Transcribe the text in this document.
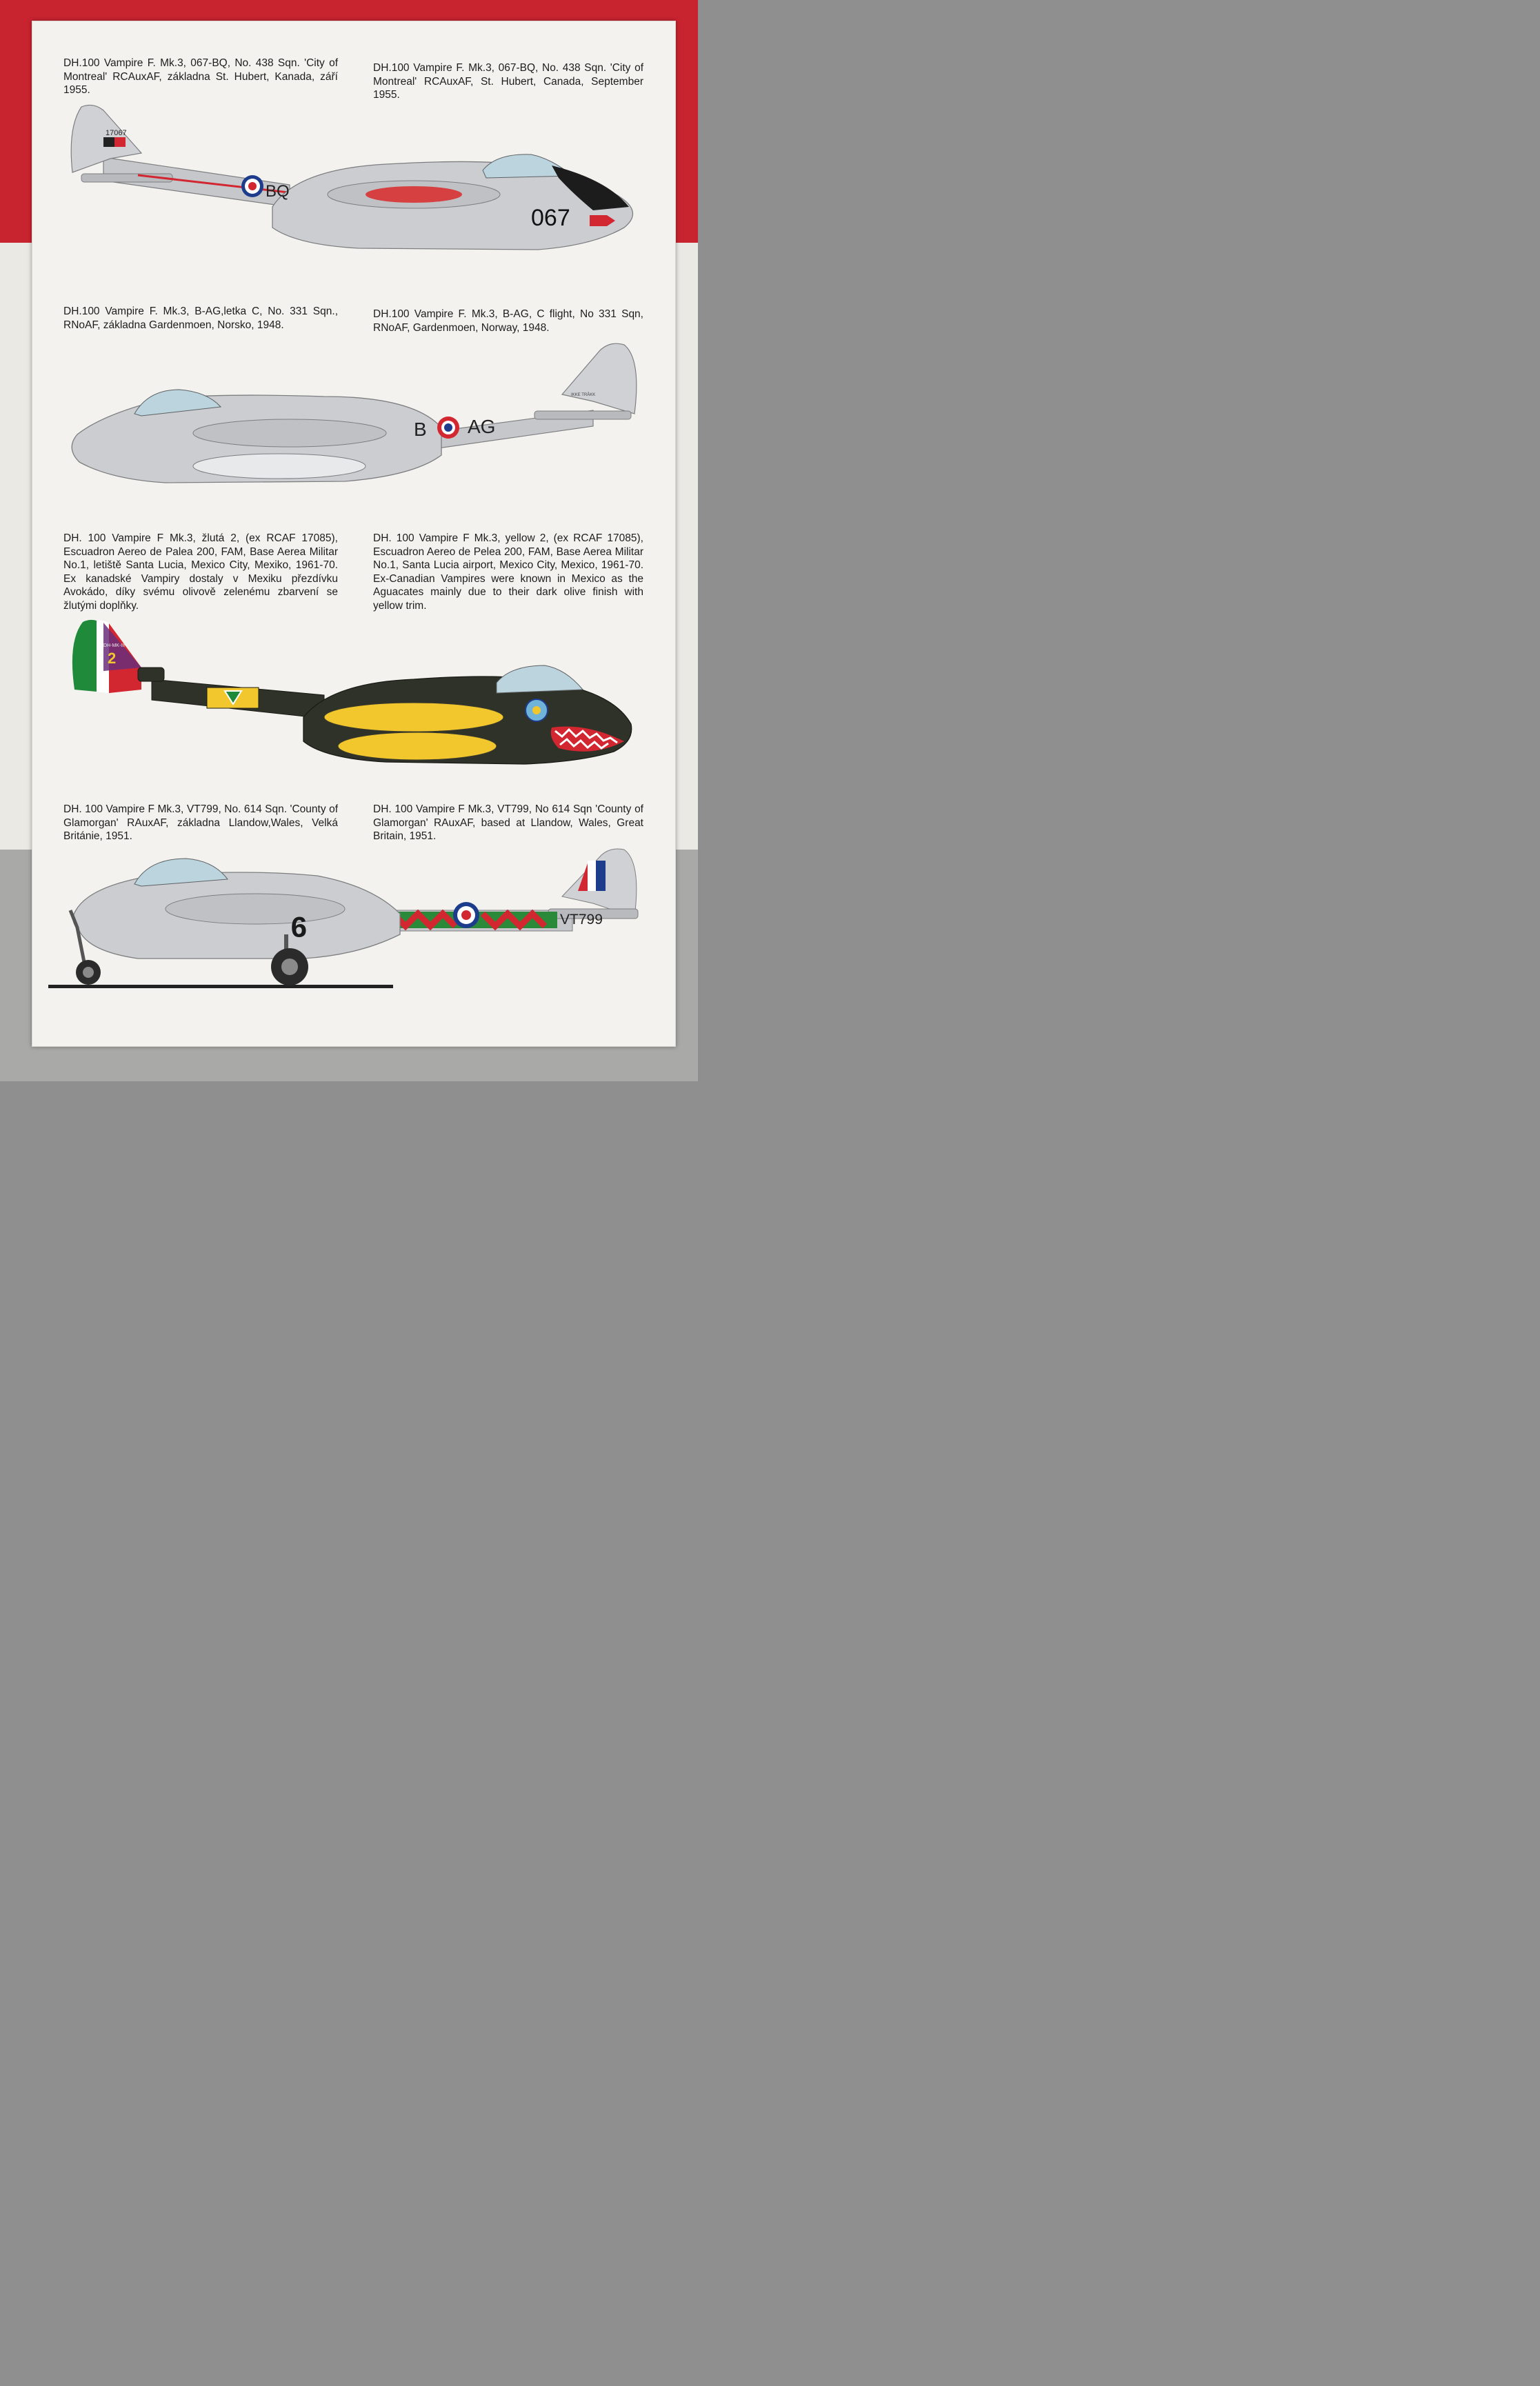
DH.100 Vampire F. Mk.3, 067-BQ, No. 438 Sqn. 'City of Montreal' RCAuxAF, základna St. Hubert, Kanada, září 1955.
DH.100 Vampire F. Mk.3, 067-BQ, No. 438 Sqn. 'City of Montreal' RCAuxAF, St. Hubert, Canada, September 1955.
DH.100 Vampire F. Mk.3, B-AG,letka C, No. 331 Sqn., RNoAF, základna Gardenmoen, Norsko, 1948.
DH.100 Vampire F. Mk.3, B-AG, C flight, No 331 Sqn, RNoAF, Gardenmoen, Norway, 1948.
DH. 100 Vampire F Mk.3, žlutá 2, (ex RCAF 17085), Escuadron Aereo de Palea 200, FAM, Base Aerea Militar No.1, letiště Santa Lucia, Mexico City, Mexiko, 1961-70. Ex kanadské Vampiry dostaly v Mexiku přezdívku Avokádo, díky svému olivově zelenému zbarvení se žlutými doplňky.
DH. 100 Vampire F Mk.3, yellow 2, (ex RCAF 17085), Escuadron Aereo de Pelea 200, FAM, Base Aerea Militar No.1, Santa Lucia airport, Mexico City, Mexico, 1961-70. Ex-Canadian Vampires were known in Mexico as the Aguacates mainly due to their dark olive finish with yellow trim.
DH. 100 Vampire F Mk.3, VT799, No. 614 Sqn. 'County of Glamorgan' RAuxAF, základna Llandow,Wales, Velká Británie, 1951.
DH. 100 Vampire F Mk.3, VT799, No 614 Sqn 'County of Glamorgan' RAuxAF, based at Llandow, Wales, Great Britain, 1951.
17067
BQ
067
IKKE TRÅKK
B AG
DH-MK-III
2
VT799
9
